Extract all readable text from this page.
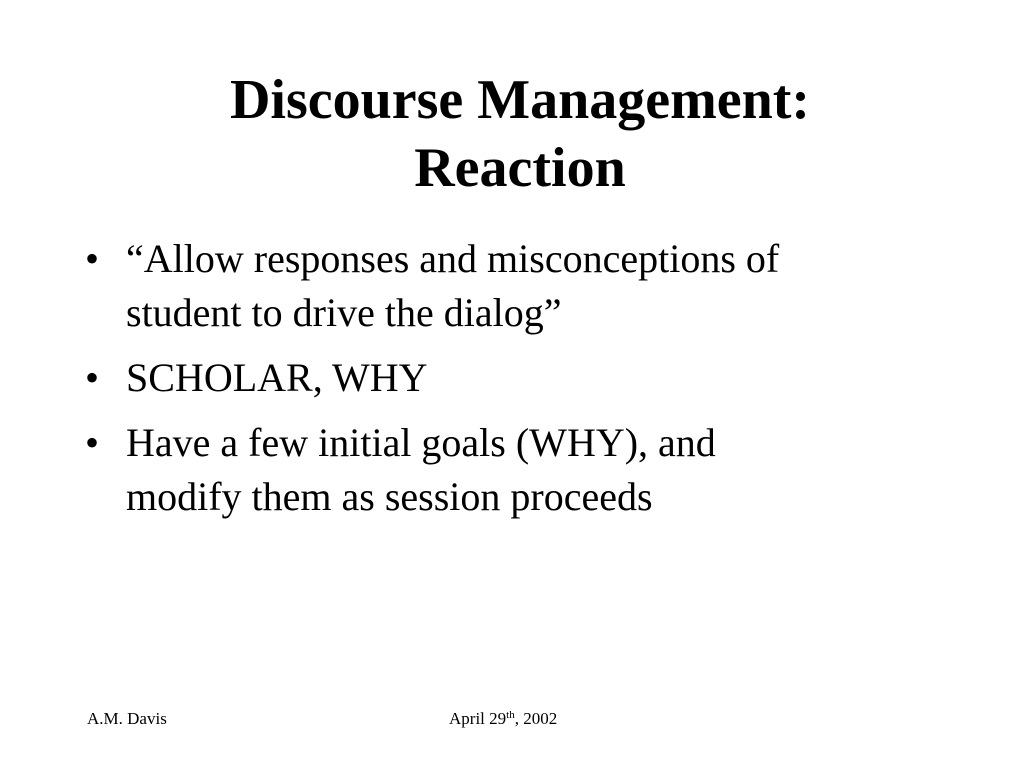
Discourse Management:
Reaction
• “Allow responses and misconceptions of
student to drive the dialog”
• SCHOLAR, WHY
• Have a few initial goals (WHY), and
modify them as session proceeds
A.M. Davis	April 29th, 2002
